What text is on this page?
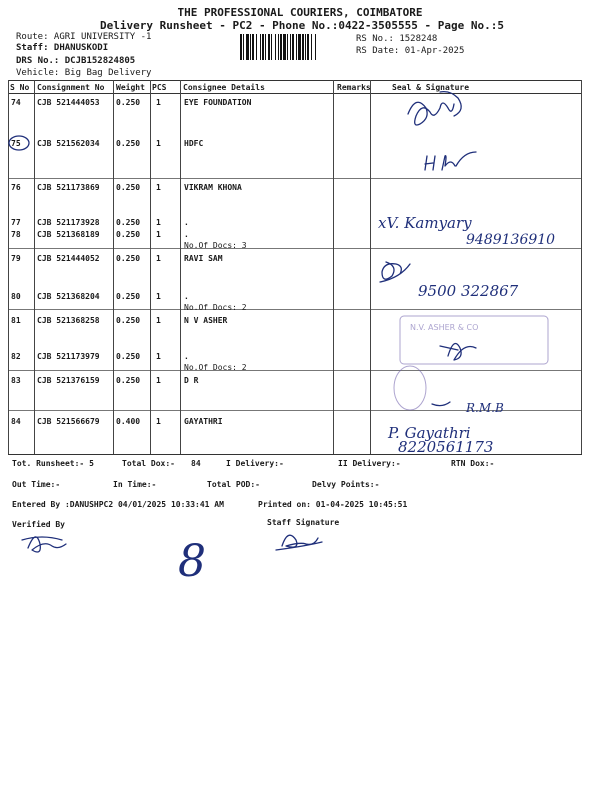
THE PROFESSIONAL COURIERS, COIMBATORE
Delivery Runsheet - PC2 - Phone No.:0422-3505555 - Page No.:5
Route: AGRI UNIVERSITY -1
Staff: DHANUSKODI
DRS No.: DCJB152824805
Vehicle: Big Bag Delivery
RS No.: 1528248
RS Date: 01-Apr-2025
S No Consignment No Weight PCS Consignee Details	Remarks	Seal & Signature
74 CJB 521444053 0.250 1	EYE FOUNDATION
75 CJB 521562034 0.250 1	HDFC
76 CJB 521173869 0.250 1	VIKRAM KHONA
77 CJB 521173928 0.250 1	.
78 CJB 521368189 0.250 1	.
No.Of Docs: 3
79 CJB 521444052 0.250 1	RAVI SAM
80 CJB 521368204 0.250 1	.
No.Of Docs: 2
81 CJB 521368258 0.250 1	N V ASHER
82 CJB 521173979 0.250 1	.
No.Of Docs: 2
83 CJB 521376159 0.250 1	D R
84 CJB 521566679 0.400 1	GAYATHRI
Tot. Runsheet:- 5	Total Dox:- 84	I Delivery:-	II Delivery:-	RTN Dox:-
Out Time:-	In Time:-	Total POD:-	Delvy Points:-
Entered By :DANUSHPC2 04/01/2025 10:33:41 AM	Printed on: 01-04-2025 10:45:51
Verified By	Staff Signature
N.V. ASHER & CO
xV. Kamyary
9489136910
9500 322867
R.M.B
P. Gayathri
8220561173
8
